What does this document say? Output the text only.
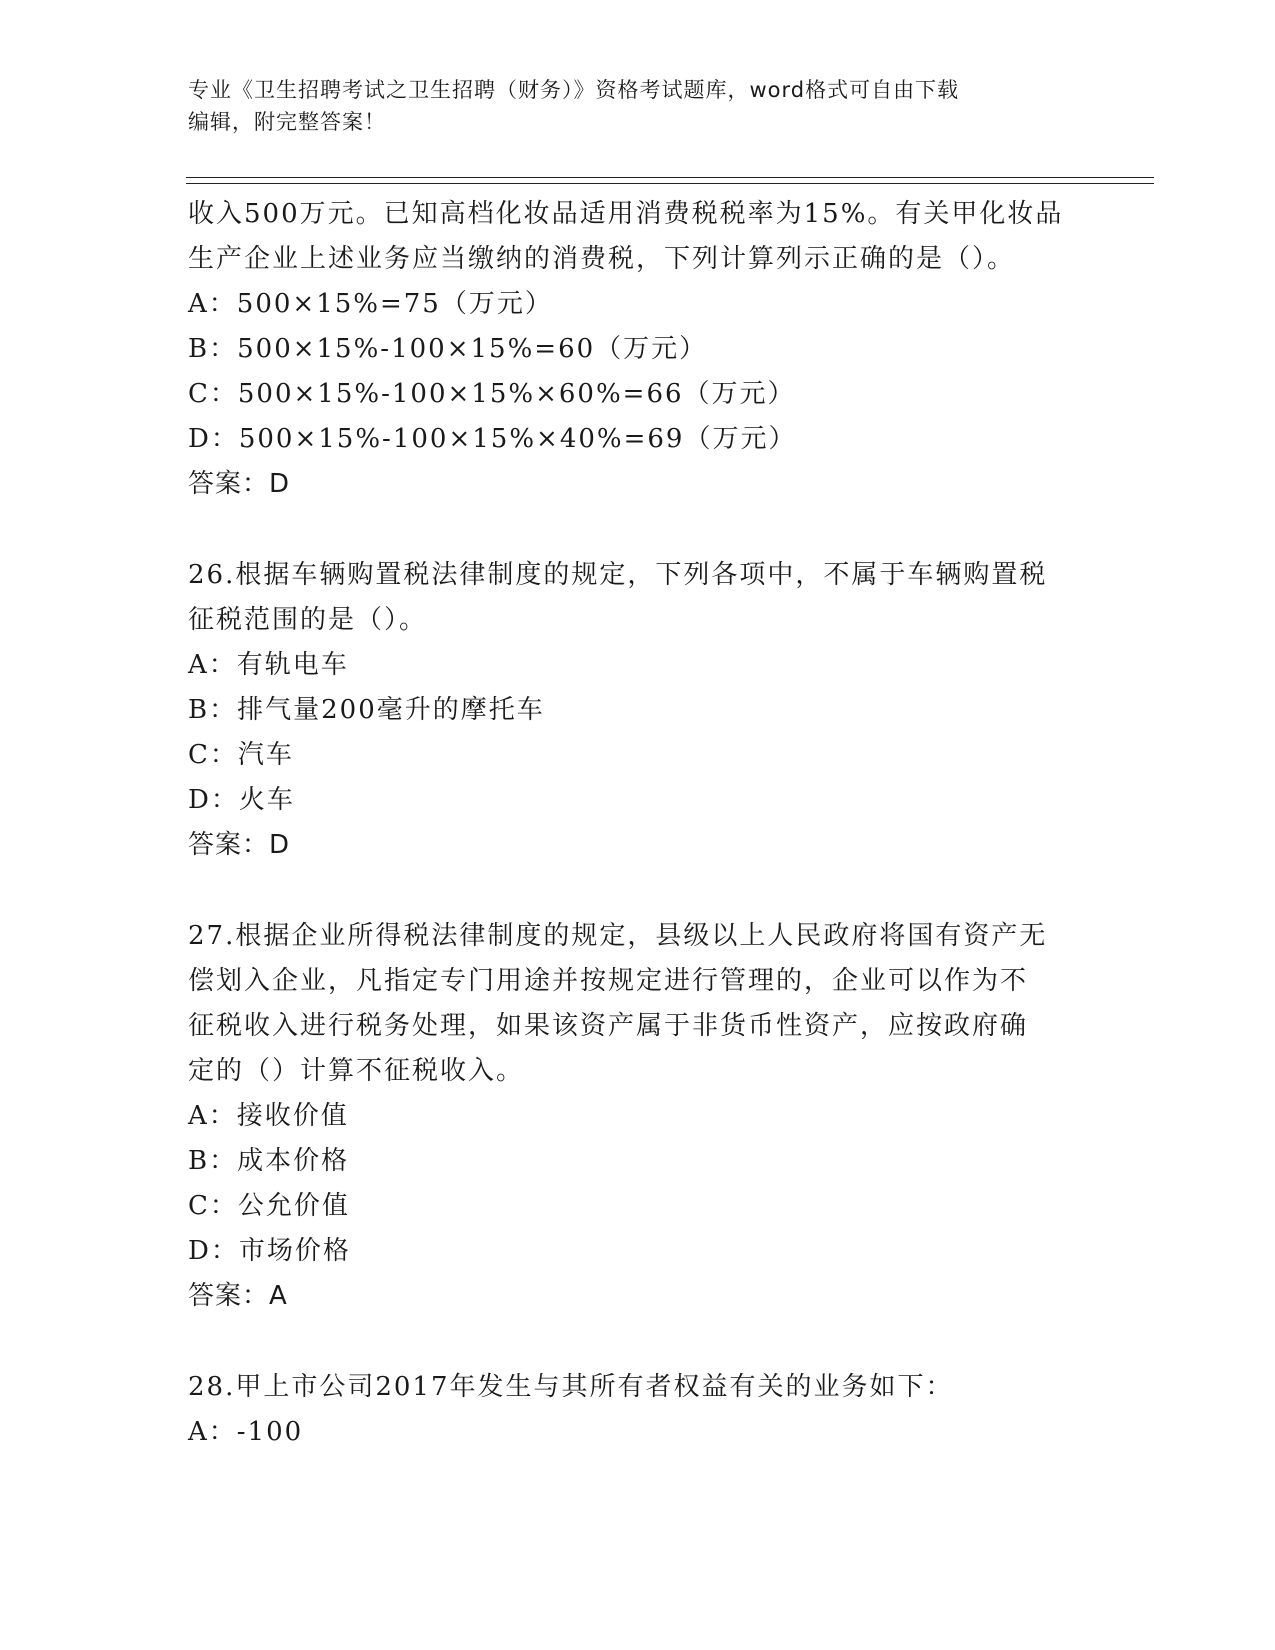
专业《卫生招聘考试之卫生招聘（财务）》资格考试题库，word格式可自由下载
编辑，附完整答案！
收入500万元。已知高档化妆品适用消费税税率为15%。有关甲化妆品
生产企业上述业务应当缴纳的消费税，下列计算列示正确的是（）。
A：500×15%=75（万元）
B：500×15%-100×15%=60（万元）
C：500×15%-100×15%×60%=66（万元）
D：500×15%-100×15%×40%=69（万元）
答案：D
26.根据车辆购置税法律制度的规定，下列各项中，不属于车辆购置税
征税范围的是（）。
A：有轨电车
B：排气量200毫升的摩托车
C：汽车
D：火车
答案：D
27.根据企业所得税法律制度的规定，县级以上人民政府将国有资产无
偿划入企业，凡指定专门用途并按规定进行管理的，企业可以作为不
征税收入进行税务处理，如果该资产属于非货币性资产，应按政府确
定的（）计算不征税收入。
A：接收价值
B：成本价格
C：公允价值
D：市场价格
答案：A
28.甲上市公司2017年发生与其所有者权益有关的业务如下：
A：-100
